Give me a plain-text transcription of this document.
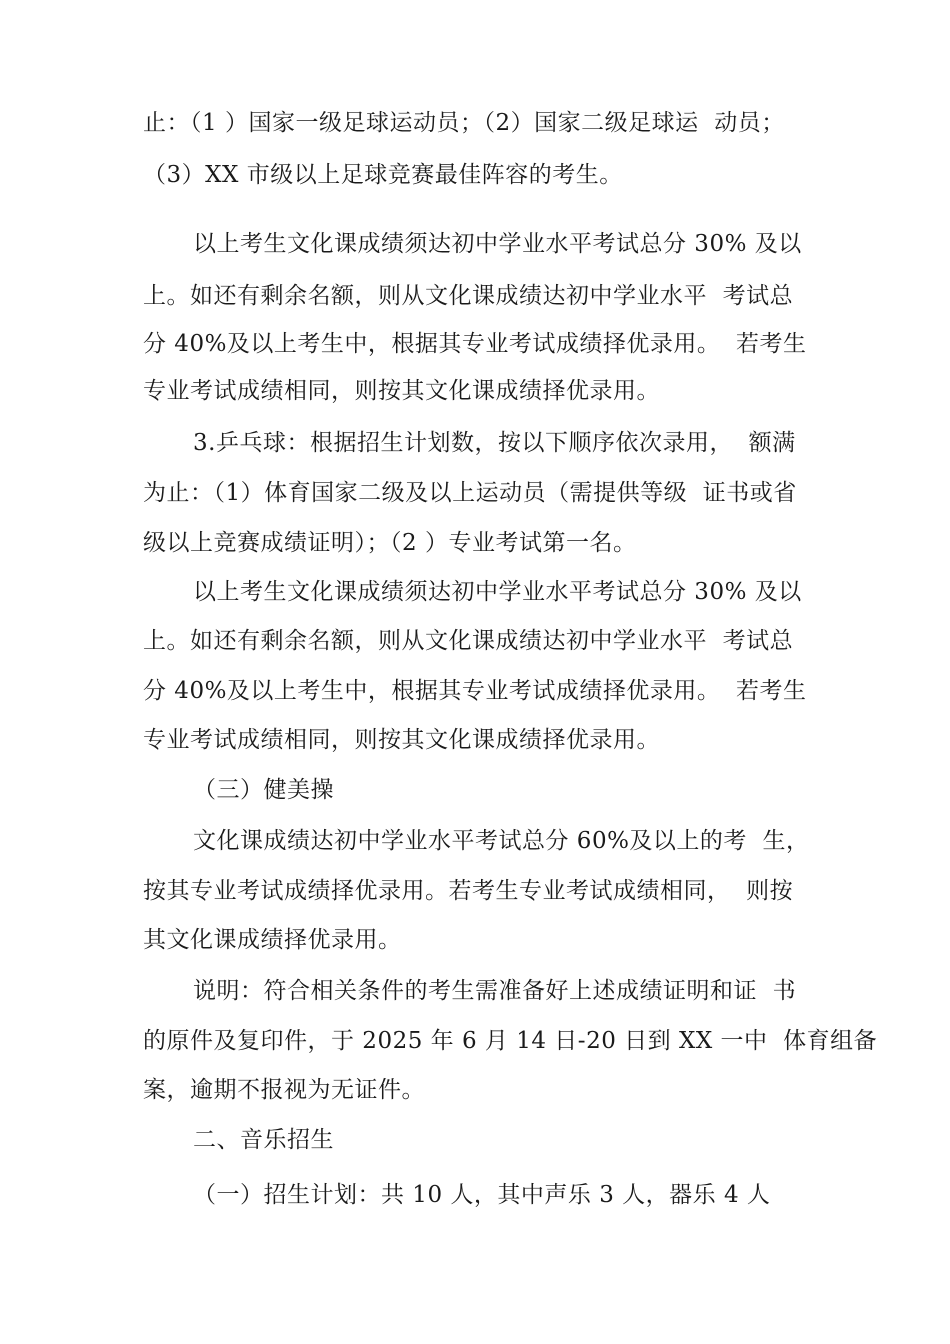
止：（1 ）国家一级足球运动员；（2）国家二级足球运  动员；
（3）XX 市级以上足球竞赛最佳阵容的考生。
以上考生文化课成绩须达初中学业水平考试总分 30% 及以
上。如还有剩余名额，则从文化课成绩达初中学业水平  考试总
分 40%及以上考生中，根据其专业考试成绩择优录用。  若考生
专业考试成绩相同，则按其文化课成绩择优录用。
3.乒乓球：根据招生计划数，按以下顺序依次录用，  额满
为止：（1）体育国家二级及以上运动员（需提供等级  证书或省
级以上竞赛成绩证明）；（2 ）专业考试第一名。
以上考生文化课成绩须达初中学业水平考试总分 30% 及以
上。如还有剩余名额，则从文化课成绩达初中学业水平  考试总
分 40%及以上考生中，根据其专业考试成绩择优录用。  若考生
专业考试成绩相同，则按其文化课成绩择优录用。
（三）健美操
文化课成绩达初中学业水平考试总分 60%及以上的考  生，
按其专业考试成绩择优录用。若考生专业考试成绩相同，  则按
其文化课成绩择优录用。
说明：符合相关条件的考生需准备好上述成绩证明和证  书
的原件及复印件，于 2025 年 6 月 14 日-20 日到 XX 一中  体育组备
案，逾期不报视为无证件。
二、音乐招生
（一）招生计划：共 10 人，其中声乐 3 人，器乐 4 人
